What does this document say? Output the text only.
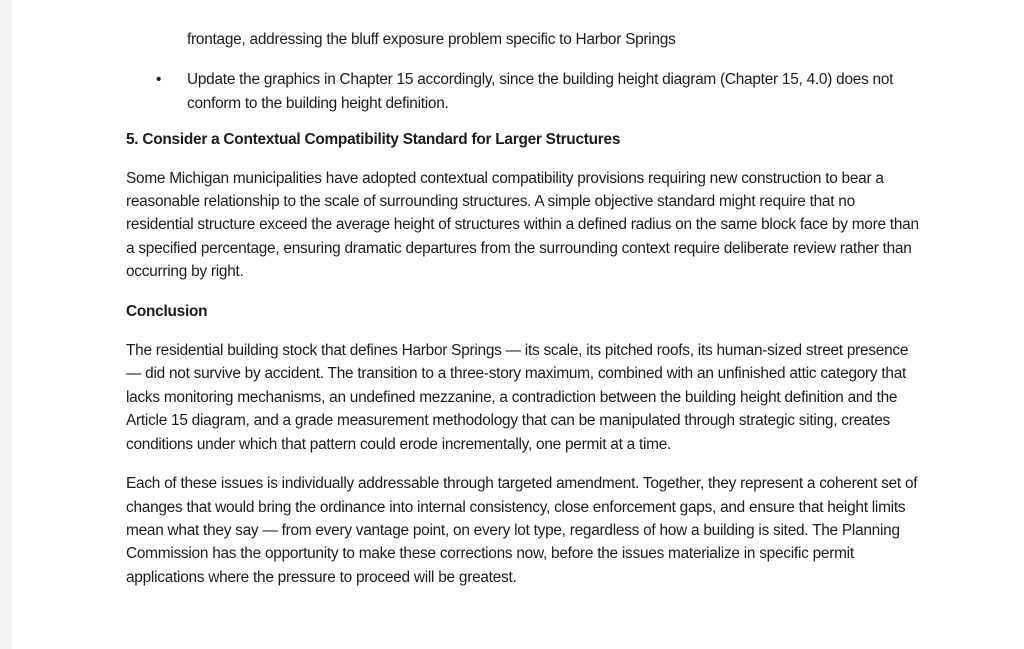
frontage, addressing the bluff exposure problem specific to Harbor Springs

• Update the graphics in Chapter 15 accordingly, since the building height diagram (Chapter 15, 4.0) does not conform to the building height definition.

5. Consider a Contextual Compatibility Standard for Larger Structures

Some Michigan municipalities have adopted contextual compatibility provisions requiring new construction to bear a reasonable relationship to the scale of surrounding structures. A simple objective standard might require that no residential structure exceed the average height of structures within a defined radius on the same block face by more than a specified percentage, ensuring dramatic departures from the surrounding context require deliberate review rather than occurring by right.

Conclusion

The residential building stock that defines Harbor Springs — its scale, its pitched roofs, its human-sized street presence — did not survive by accident. The transition to a three-story maximum, combined with an unfinished attic category that lacks monitoring mechanisms, an undefined mezzanine, a contradiction between the building height definition and the Article 15 diagram, and a grade measurement methodology that can be manipulated through strategic siting, creates conditions under which that pattern could erode incrementally, one permit at a time.

Each of these issues is individually addressable through targeted amendment. Together, they represent a coherent set of changes that would bring the ordinance into internal consistency, close enforcement gaps, and ensure that height limits mean what they say — from every vantage point, on every lot type, regardless of how a building is sited. The Planning Commission has the opportunity to make these corrections now, before the issues materialize in specific permit applications where the pressure to proceed will be greatest.
